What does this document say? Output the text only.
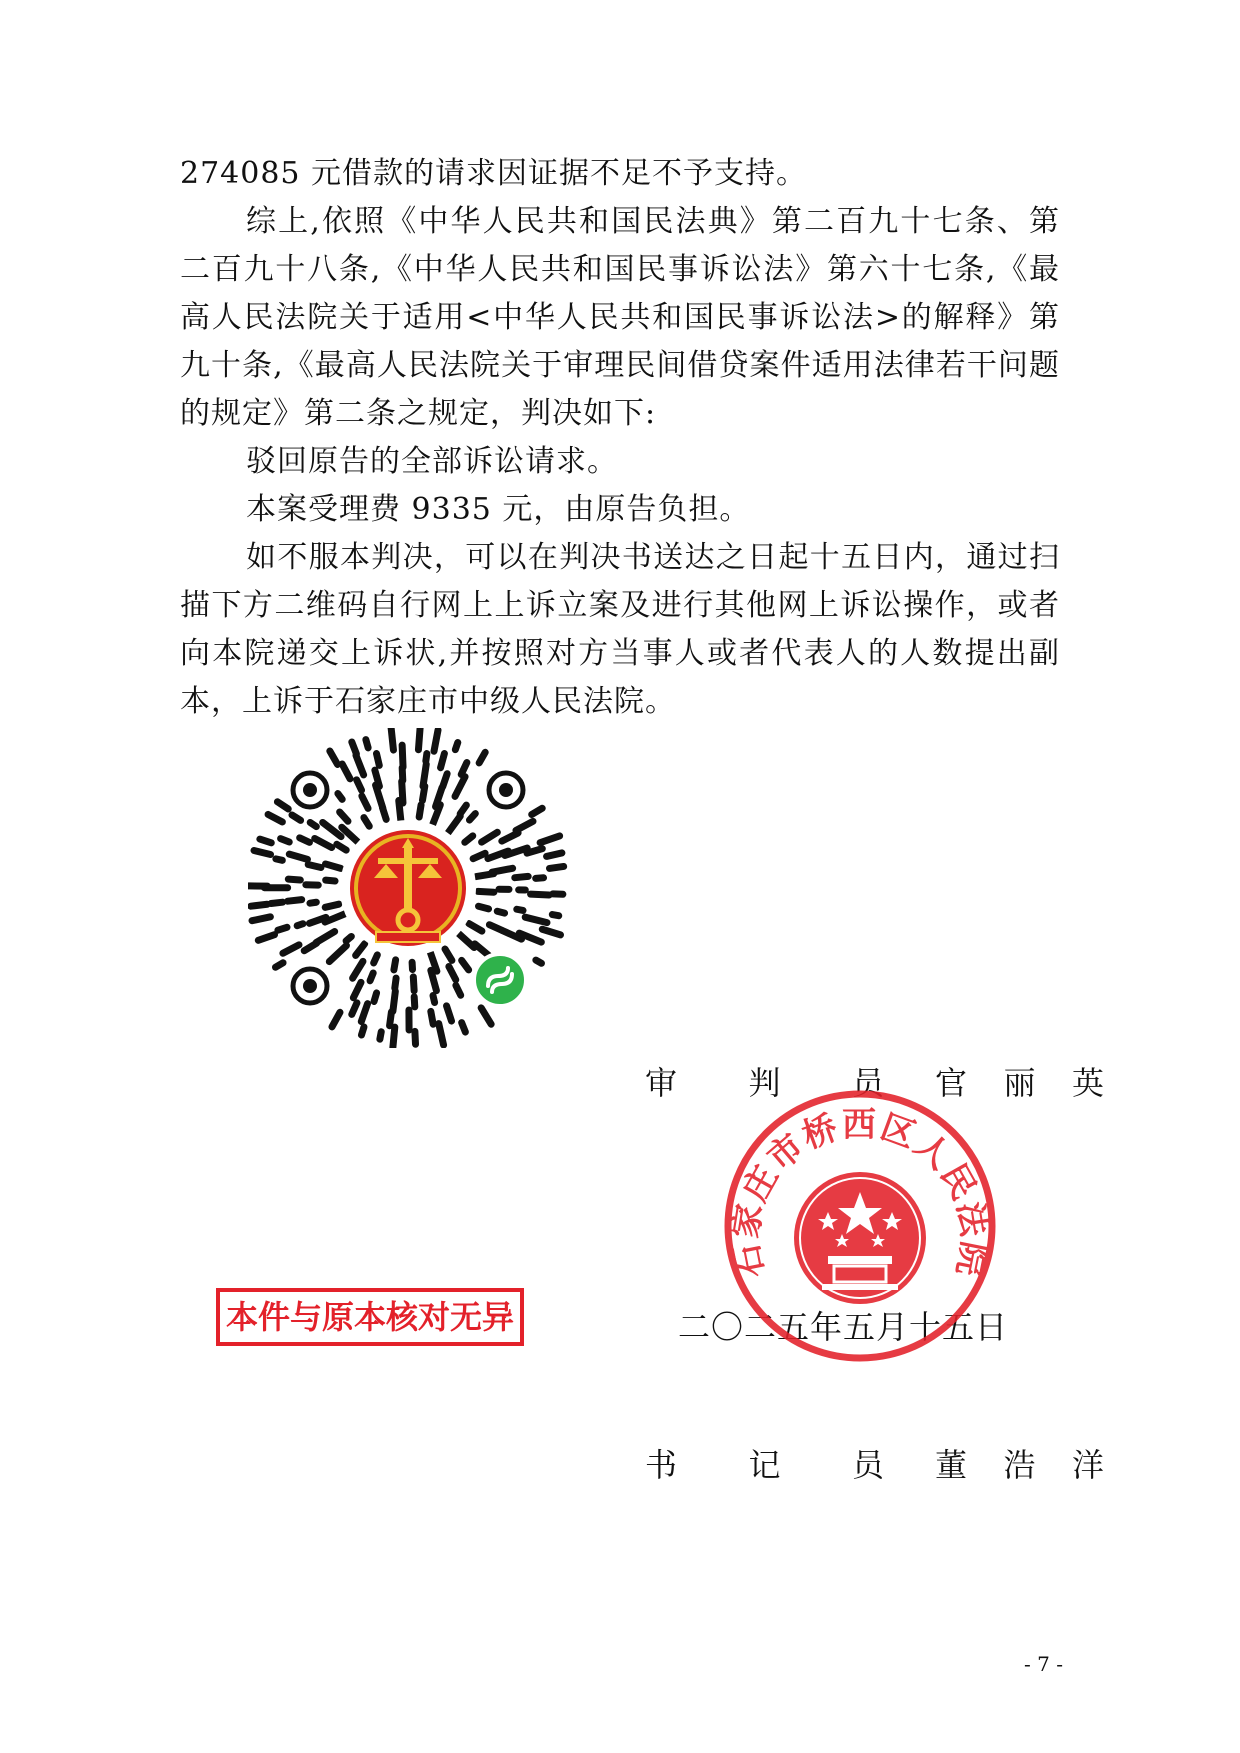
274085 元借款的请求因证据不足不予支持。

综上,依照《中华人民共和国民法典》第二百九十七条、第二百九十八条,《中华人民共和国民事诉讼法》第六十七条,《最高人民法院关于适用<中华人民共和国民事诉讼法>的解释》第九十条,《最高人民法院关于审理民间借贷案件适用法律若干问题的规定》第二条之规定，判决如下:

驳回原告的全部诉讼请求。

本案受理费 9335 元，由原告负担。

如不服本判决，可以在判决书送达之日起十五日内，通过扫描下方二维码自行网上上诉立案及进行其他网上诉讼操作，或者向本院递交上诉状,并按照对方当事人或者代表人的人数提出副本，上诉于石家庄市中级人民法院。

审 判 员 官 丽 英
二〇二五年五月十五日
书 记 员 董 浩 洋
石家庄市桥西区人民法院
本件与原本核对无异
- 7 -
